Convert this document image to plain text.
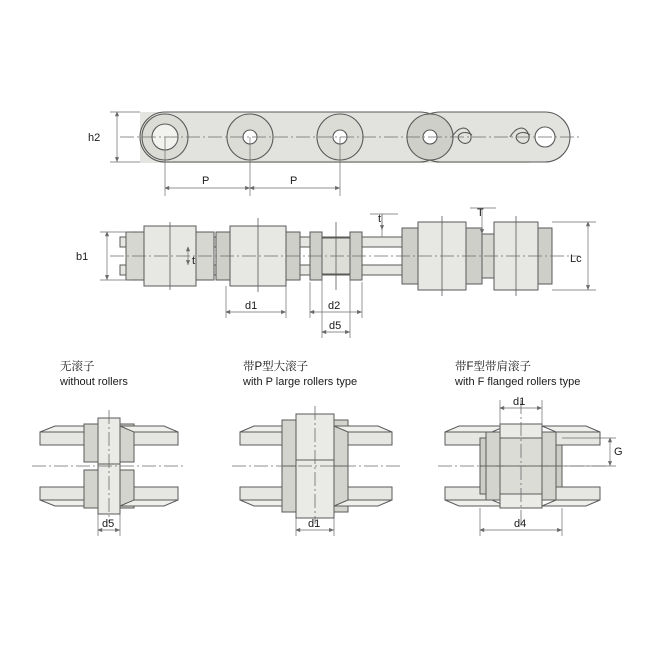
h2
P	P
b1	t
t	T
Lc
d1	d2
d5
无滚子
without rollers
带P型大滚子
with P large rollers type
带F型带肩滚子
with F flanged rollers type
d5	d1
d1
G
d4
